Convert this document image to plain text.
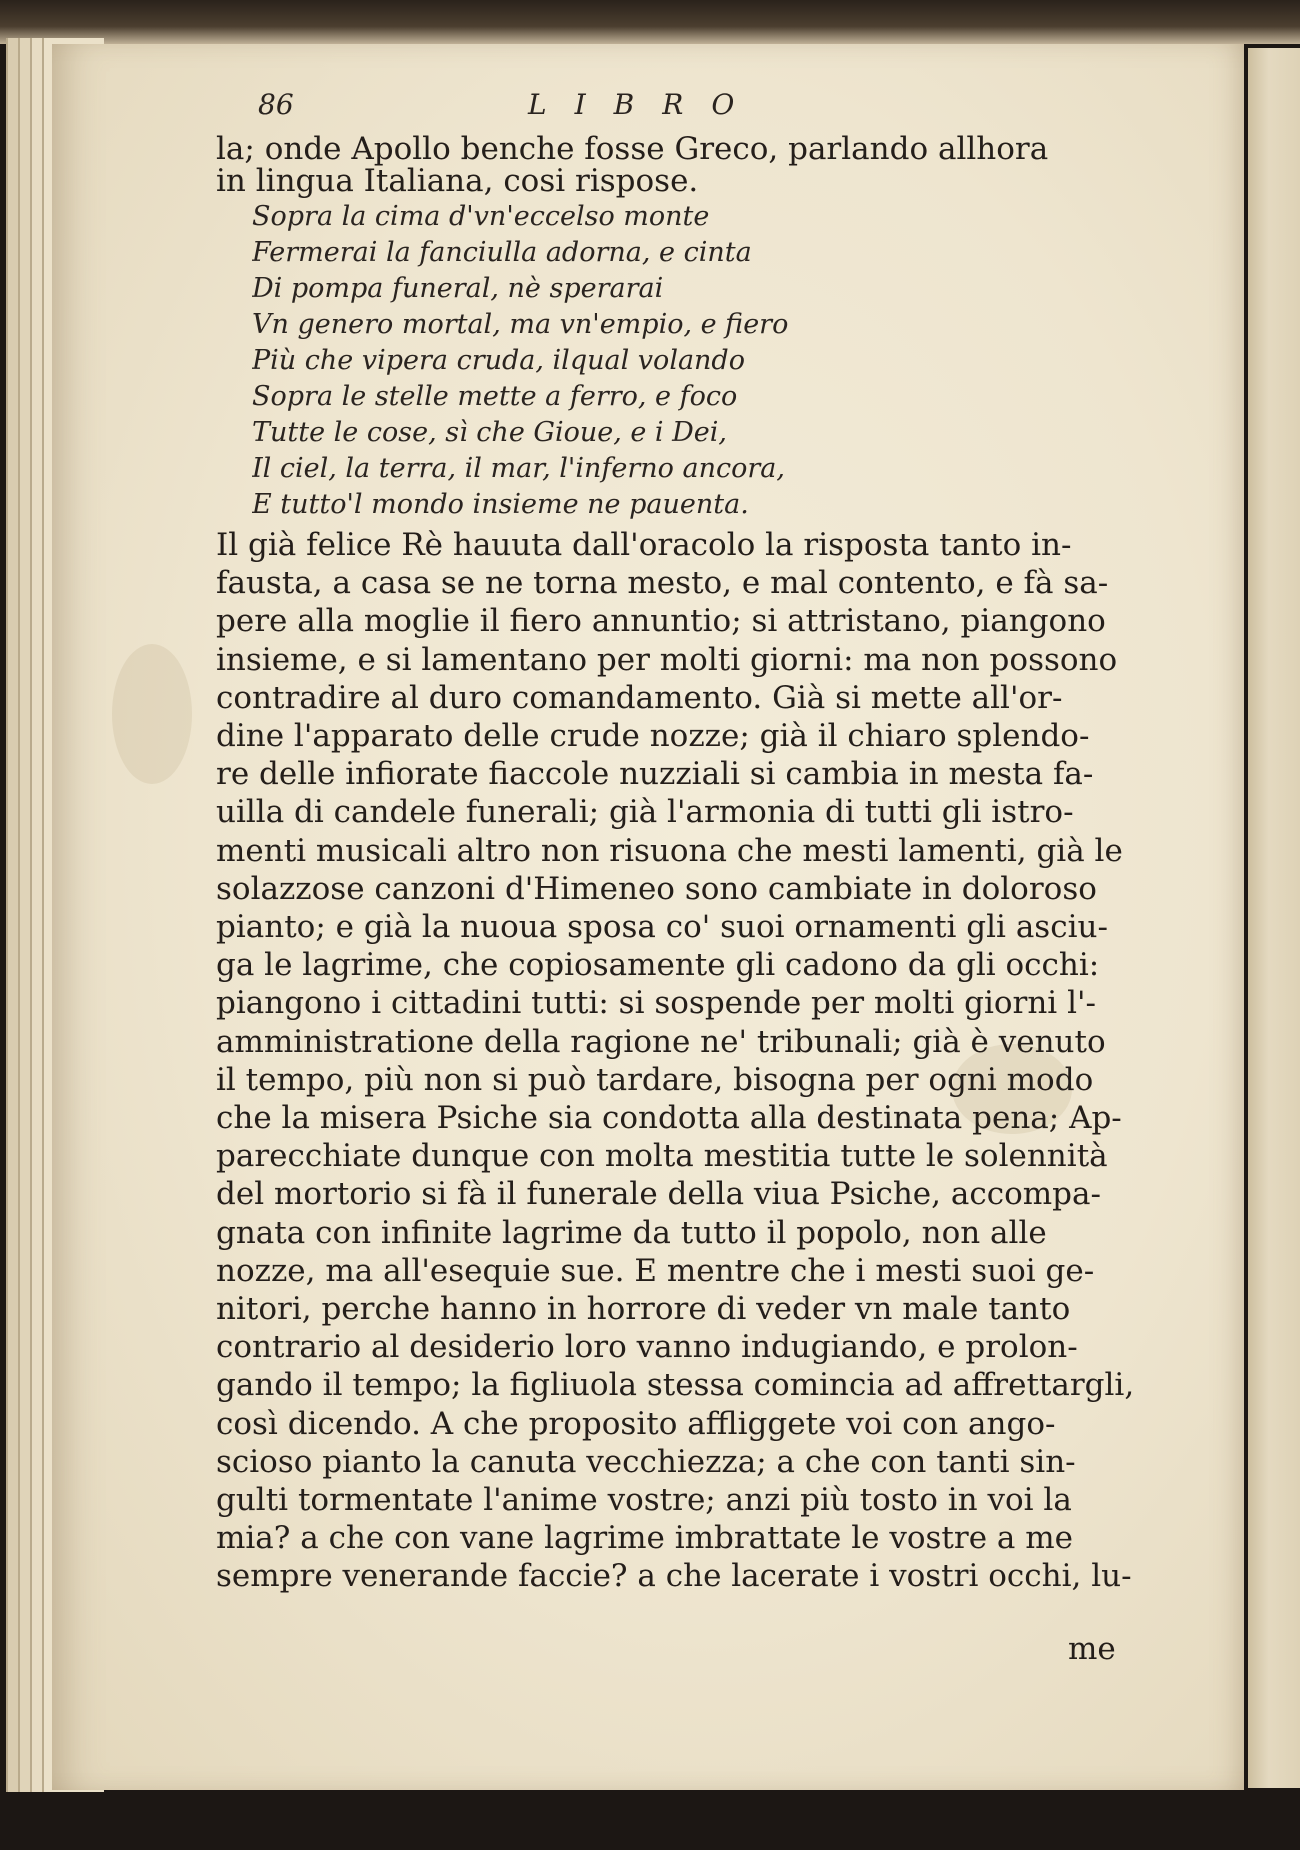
86	LIBRO
la; onde Apollo benche fosse Greco, parlando allhora
in lingua Italiana, cosi rispose.
Sopra la cima d'vn'eccelso monte
Fermerai la fanciulla adorna, e cinta
Di pompa funeral, nè sperarai
Vn genero mortal, ma vn'empio, e fiero
Più che vipera cruda, ilqual volando
Sopra le stelle mette a ferro, e foco
Tutte le cose, sì che Gioue, e i Dei,
Il ciel, la terra, il mar, l'inferno ancora,
E tutto'l mondo insieme ne pauenta.
Il già felice Rè hauuta dall'oracolo la risposta tanto in-
fausta, a casa se ne torna mesto, e mal contento, e fà sa-
pere alla moglie il fiero annuntio; si attristano, piangono
insieme, e si lamentano per molti giorni: ma non possono
contradire al duro comandamento. Già si mette all'or-
dine l'apparato delle crude nozze; già il chiaro splendo-
re delle infiorate fiaccole nuzziali si cambia in mesta fa-
uilla di candele funerali; già l'armonia di tutti gli istro-
menti musicali altro non risuona che mesti lamenti, già le
solazzose canzoni d'Himeneo sono cambiate in doloroso
pianto; e già la nuoua sposa co' suoi ornamenti gli asciu-
ga le lagrime, che copiosamente gli cadono da gli occhi:
piangono i cittadini tutti: si sospende per molti giorni l'-
amministratione della ragione ne' tribunali; già è venuto
il tempo, più non si può tardare, bisogna per ogni modo
che la misera Psiche sia condotta alla destinata pena; Ap-
parecchiate dunque con molta mestitia tutte le solennità
del mortorio si fà il funerale della viua Psiche, accompa-
gnata con infinite lagrime da tutto il popolo, non alle
nozze, ma all'esequie sue. E mentre che i mesti suoi ge-
nitori, perche hanno in horrore di veder vn male tanto
contrario al desiderio loro vanno indugiando, e prolon-
gando il tempo; la figliuola stessa comincia ad affrettargli,
così dicendo. A che proposito affliggete voi con ango-
scioso pianto la canuta vecchiezza; a che con tanti sin-
gulti tormentate l'anime vostre; anzi più tosto in voi la
mia? a che con vane lagrime imbrattate le vostre a me
sempre venerande faccie? a che lacerate i vostri occhi, lu-
me
